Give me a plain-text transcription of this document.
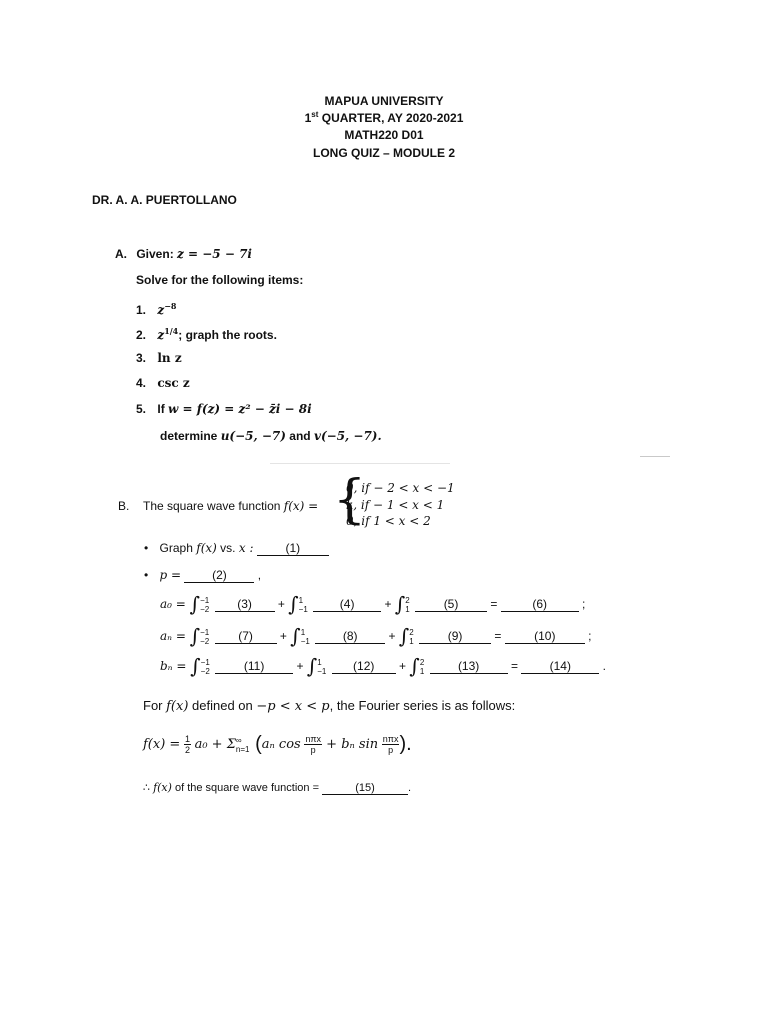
MAPUA UNIVERSITY
1st QUARTER, AY 2020-2021
MATH220 D01
LONG QUIZ – MODULE 2
DR. A. A. PUERTOLLANO
A. Given: z = −5 − 7i
Solve for the following items:
1. $z^{-8}$
2. $z^{1/4}$; graph the roots.
3. ln z
4. csc z
5. If w = f(z) = z² − z̄i − 8i
determine u(−5, −7) and v(−5, −7).
B. The square wave function f(x) = {
0, if − 2 < x < −1
k, if − 1 < x < 1
0, if 1 < x < 2
• Graph f(x) vs. x :	(1)
• p =	(2) ,
a₀ = ∫−1
−2 (3) + ∫1
−1	(4) + ∫2
1	(5) =	(6)	;
aₙ = ∫−1
−2 (7) + ∫1
−1	(8) + ∫2
1	(9) = (10) ;
bₙ = ∫−1
−2	(11) + ∫1
−1 (12) + ∫2
1	(13) = (14) .
For f(x) defined on −p < x < p, the Fourier series is as follows:
$f(x) = \frac{1}{2} a_0 + \Sigma\infty$
n=1 (aₙ $\cos \frac{\text{nπx}}{p} + b_n$ $\sin \frac{\text{nπx}}{p}$).
∴ f(x) of the square wave function =	(15)	.
